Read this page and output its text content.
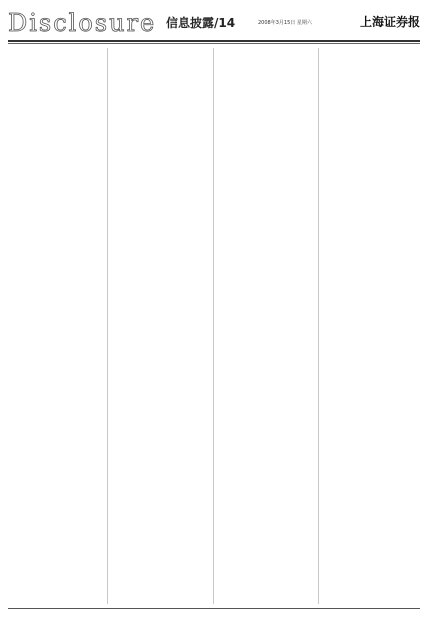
Disclosure 信息披露/14	2008年3月15日 星期六	上海证券报
